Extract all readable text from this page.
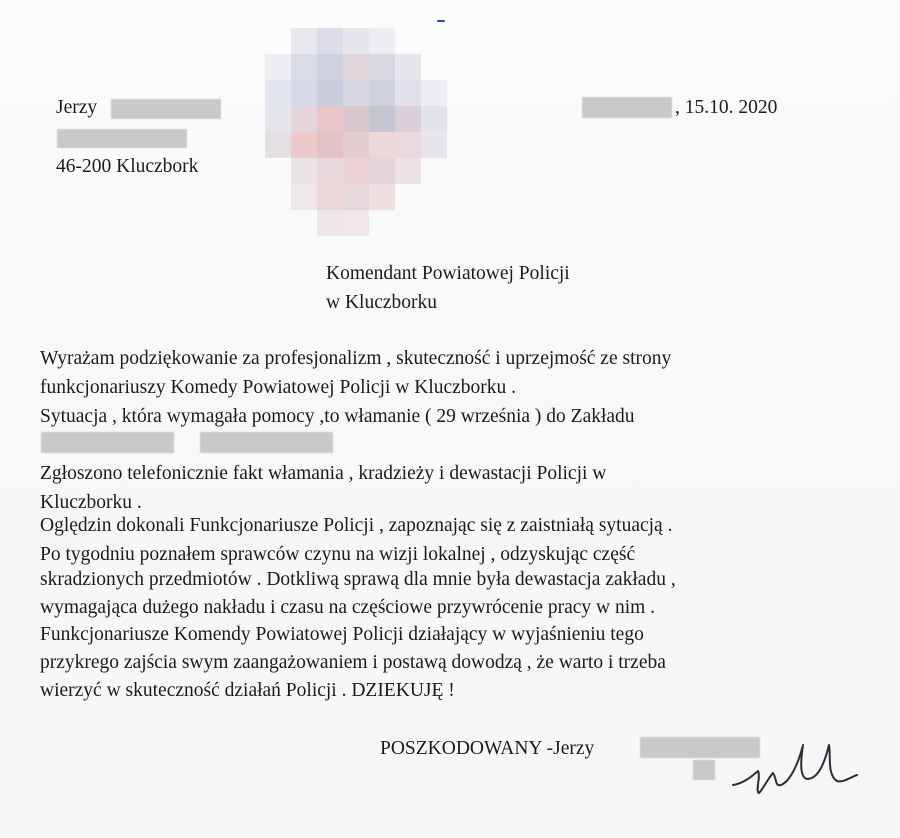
Jerzy
46-200 Kluczbork
, 15.10. 2020
Komendant Powiatowej Policji
w Kluczborku
Wyrażam podziękowanie za profesjonalizm , skuteczność i uprzejmość ze strony
funkcjonariuszy Komedy Powiatowej Policji w Kluczborku .
Sytuacja , która wymagała pomocy ,to włamanie ( 29 września ) do Zakładu
Zgłoszono telefonicznie fakt włamania , kradzieży i dewastacji Policji w
Kluczborku .
Oględzin dokonali Funkcjonariusze Policji , zapoznając się z zaistniałą sytuacją .
Po tygodniu poznałem sprawców czynu na wizji lokalnej , odzyskując część
skradzionych przedmiotów . Dotkliwą sprawą dla mnie była dewastacja zakładu ,
wymagająca dużego nakładu i czasu na częściowe przywrócenie pracy w nim .
Funkcjonariusze Komendy Powiatowej Policji działający w wyjaśnieniu tego
przykrego zajścia swym zaangażowaniem i postawą dowodzą , że warto i trzeba
wierzyć w skuteczność działań Policji . DZIEKUJĘ !
POSZKODOWANY -Jerzy
